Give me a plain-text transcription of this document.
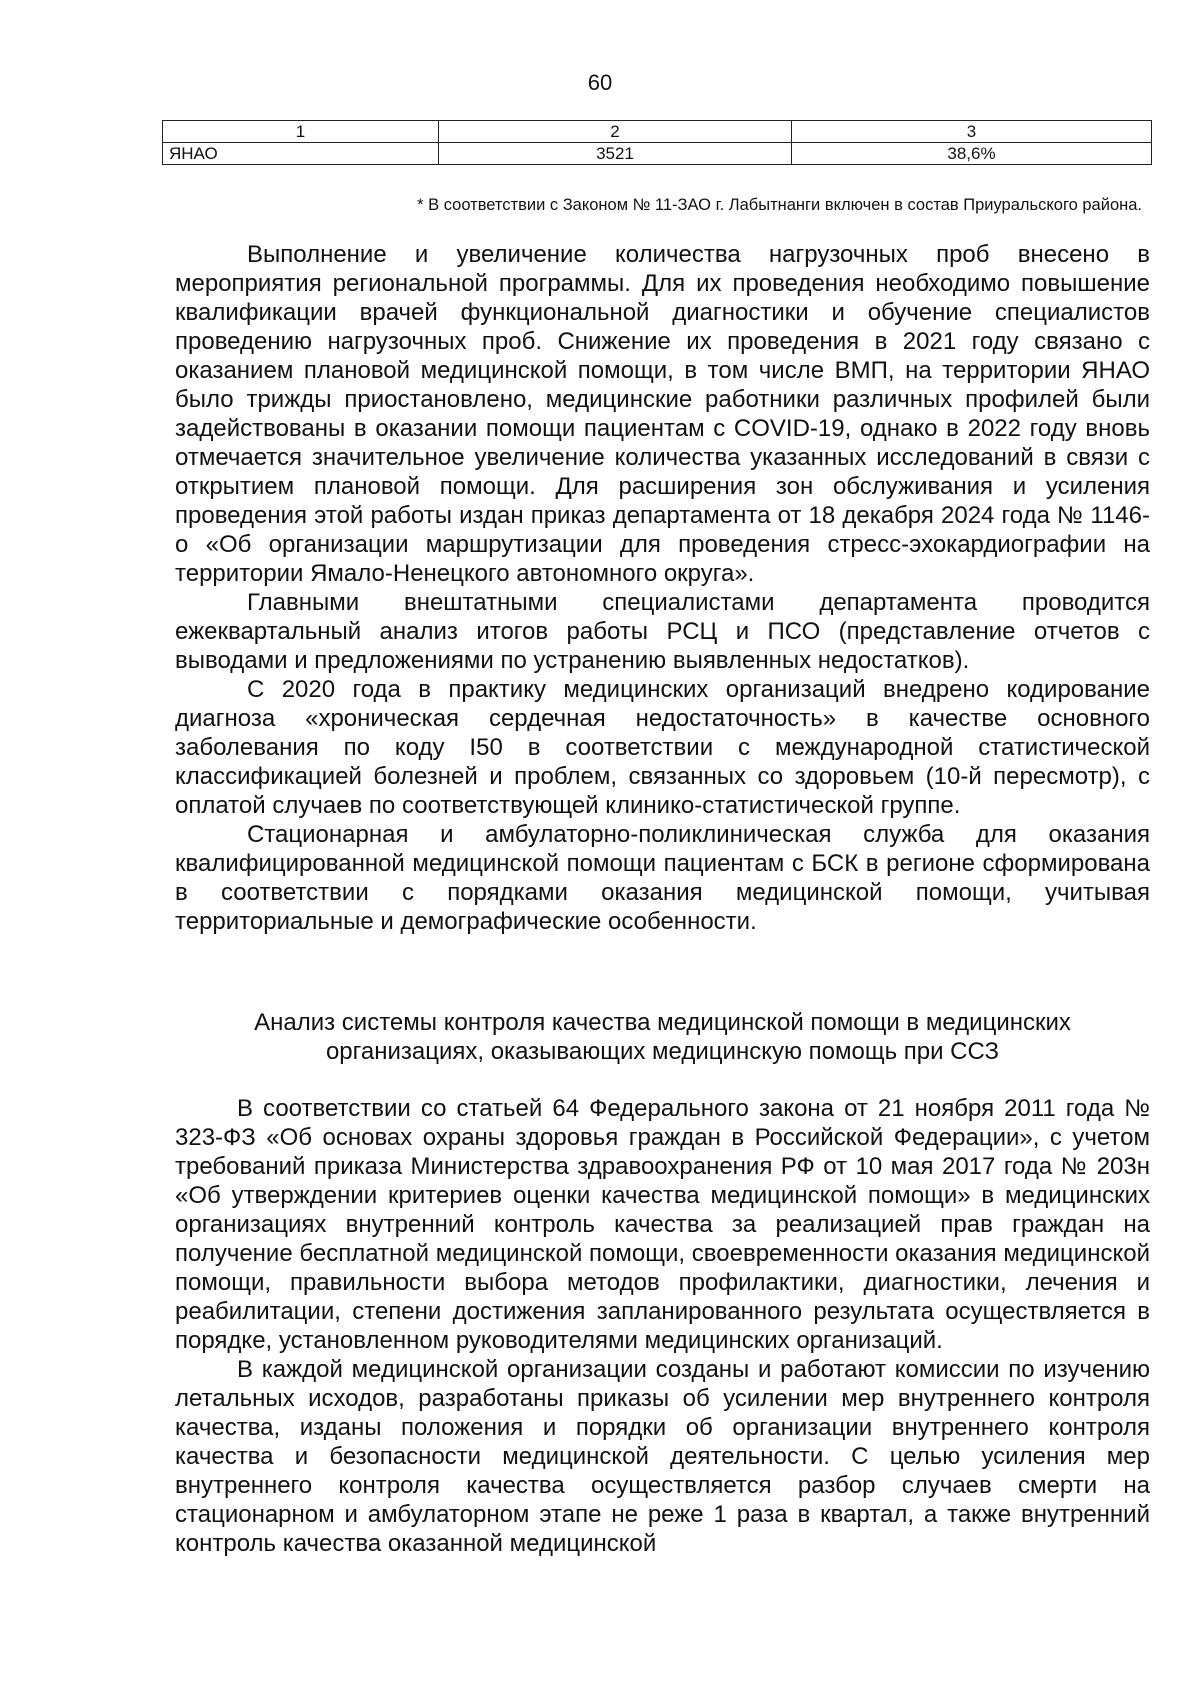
60
1	2	3
ЯНАО	3521	38,6%
* В соответствии с Законом № 11-ЗАО г. Лабытнанги включен в состав Приуральского района.

Выполнение и увеличение количества нагрузочных проб внесено в мероприятия региональной программы. Для их проведения необходимо повышение квалификации врачей функциональной диагностики и обучение специалистов проведению нагрузочных проб. Снижение их проведения в 2021 году связано с оказанием плановой медицинской помощи, в том числе ВМП, на территории ЯНАО было трижды приостановлено, медицинские работники различных профилей были задействованы в оказании помощи пациентам с COVID-19, однако в 2022 году вновь отмечается значительное увеличение количества указанных исследований в связи с открытием плановой помощи. Для расширения зон обслуживания и усиления проведения этой работы издан приказ департамента от 18 декабря 2024 года № 1146-о «Об организации маршрутизации для проведения стресс-эхокардиографии на территории Ямало-Ненецкого автономного округа».

Главными внештатными специалистами департамента проводится ежеквартальный анализ итогов работы РСЦ и ПСО (представление отчетов с выводами и предложениями по устранению выявленных недостатков).

С 2020 года в практику медицинских организаций внедрено кодирование диагноза «хроническая сердечная недостаточность» в качестве основного заболевания по коду I50 в соответствии с международной статистической классификацией болезней и проблем, связанных со здоровьем (10-й пересмотр), с оплатой случаев по соответствующей клинико-статистической группе.

Стационарная и амбулаторно-поликлиническая служба для оказания квалифицированной медицинской помощи пациентам с БСК в регионе сформирована в соответствии с порядками оказания медицинской помощи, учитывая территориальные и демографические особенности.

Анализ системы контроля качества медицинской помощи в медицинских организациях, оказывающих медицинскую помощь при ССЗ

В соответствии со статьей 64 Федерального закона от 21 ноября 2011 года № 323-ФЗ «Об основах охраны здоровья граждан в Российской Федерации», с учетом требований приказа Министерства здравоохранения РФ от 10 мая 2017 года № 203н «Об утверждении критериев оценки качества медицинской помощи» в медицинских организациях внутренний контроль качества за реализацией прав граждан на получение бесплатной медицинской помощи, своевременности оказания медицинской помощи, правильности выбора методов профилактики, диагностики, лечения и реабилитации, степени достижения запланированного результата осуществляется в порядке, установленном руководителями медицинских организаций.

В каждой медицинской организации созданы и работают комиссии по изучению летальных исходов, разработаны приказы об усилении мер внутреннего контроля качества, изданы положения и порядки об организации внутреннего контроля качества и безопасности медицинской деятельности. С целью усиления мер внутреннего контроля качества осуществляется разбор случаев смерти на стационарном и амбулаторном этапе не реже 1 раза в квартал, а также внутренний контроль качества оказанной медицинской
